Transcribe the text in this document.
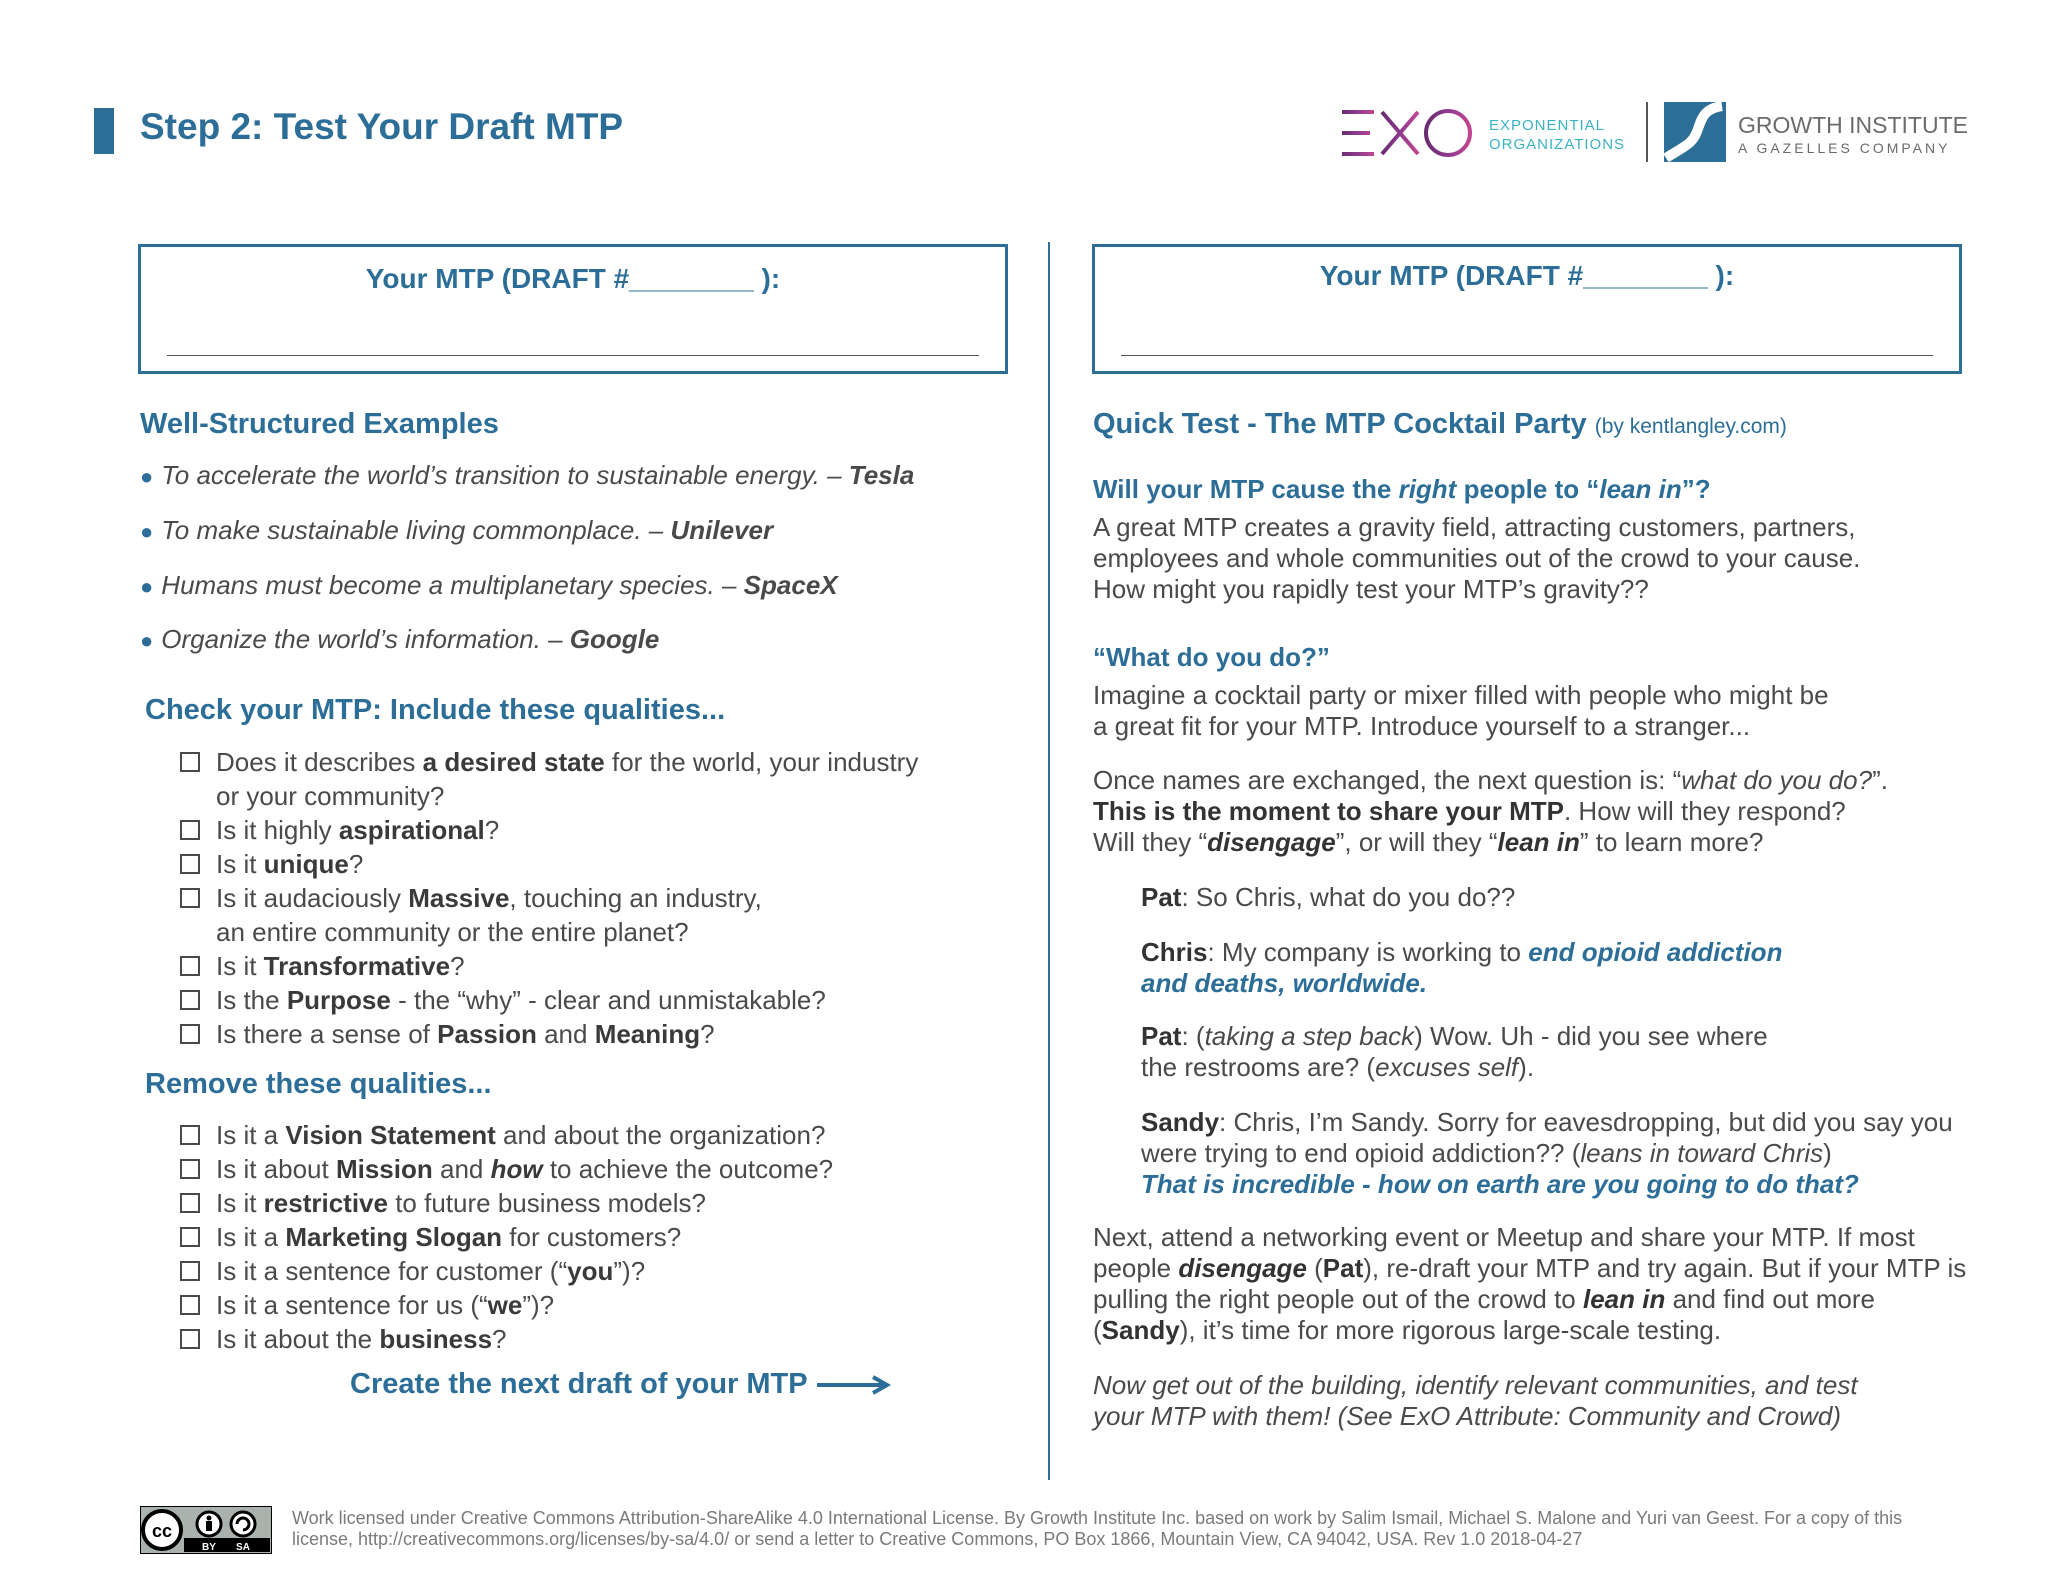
Step 2: Test Your Draft MTP	EXPONENTIAL
ORGANIZATIONS
GROWTH INSTITUTE
A GAZELLES COMPANY
Your MTP (DRAFT #________ ):	Your MTP (DRAFT #________ ):
Well-Structured Examples
● To accelerate the world’s transition to sustainable energy. – Tesla
● To make sustainable living commonplace. – Unilever
● Humans must become a multiplanetary species. – SpaceX
● Organize the world’s information. – Google
Check your MTP: Include these qualities...
Does it describes a desired state for the world, your industry
or your community?
Is it highly aspirational?
Is it unique?
Is it audaciously Massive, touching an industry,
an entire community or the entire planet?
Is it Transformative?
Is the Purpose - the “why” - clear and unmistakable?
Is there a sense of Passion and Meaning?
Remove these qualities...
Is it a Vision Statement and about the organization?
Is it about Mission and how to achieve the outcome?
Is it restrictive to future business models?
Is it a Marketing Slogan for customers?
Is it a sentence for customer (“you”)?
Is it a sentence for us (“we”)?
Is it about the business?
Create the next draft of your MTP
Quick Test - The MTP Cocktail Party (by kentlangley.com)
Will your MTP cause the right people to “lean in”?
A great MTP creates a gravity field, attracting customers, partners,
employees and whole communities out of the crowd to your cause.
How might you rapidly test your MTP’s gravity??
“What do you do?”
Imagine a cocktail party or mixer filled with people who might be
a great fit for your MTP. Introduce yourself to a stranger...
Once names are exchanged, the next question is: “what do you do?”.
This is the moment to share your MTP. How will they respond?
Will they “disengage”, or will they “lean in” to learn more?
Pat: So Chris, what do you do??
Chris: My company is working to end opioid addiction
and deaths, worldwide.
Pat: (taking a step back) Wow. Uh - did you see where
the restrooms are? (excuses self).
Sandy: Chris, I’m Sandy. Sorry for eavesdropping, but did you say you
were trying to end opioid addiction?? (leans in toward Chris)
That is incredible - how on earth are you going to do that?
Next, attend a networking event or Meetup and share your MTP. If most
people disengage (Pat), re-draft your MTP and try again. But if your MTP is
pulling the right people out of the crowd to lean in and find out more
(Sandy), it’s time for more rigorous large-scale testing.
Now get out of the building, identify relevant communities, and test
your MTP with them! (See ExO Attribute: Community and Crowd)
cc
BY SA
Work licensed under Creative Commons Attribution-ShareAlike 4.0 International License. By Growth Institute Inc. based on work by Salim Ismail, Michael S. Malone and Yuri van Geest. For a copy of this license, http://creativecommons.org/licenses/by-sa/4.0/ or send a letter to Creative Commons, PO Box 1866, Mountain View, CA 94042, USA. Rev 1.0 2018-04-27
